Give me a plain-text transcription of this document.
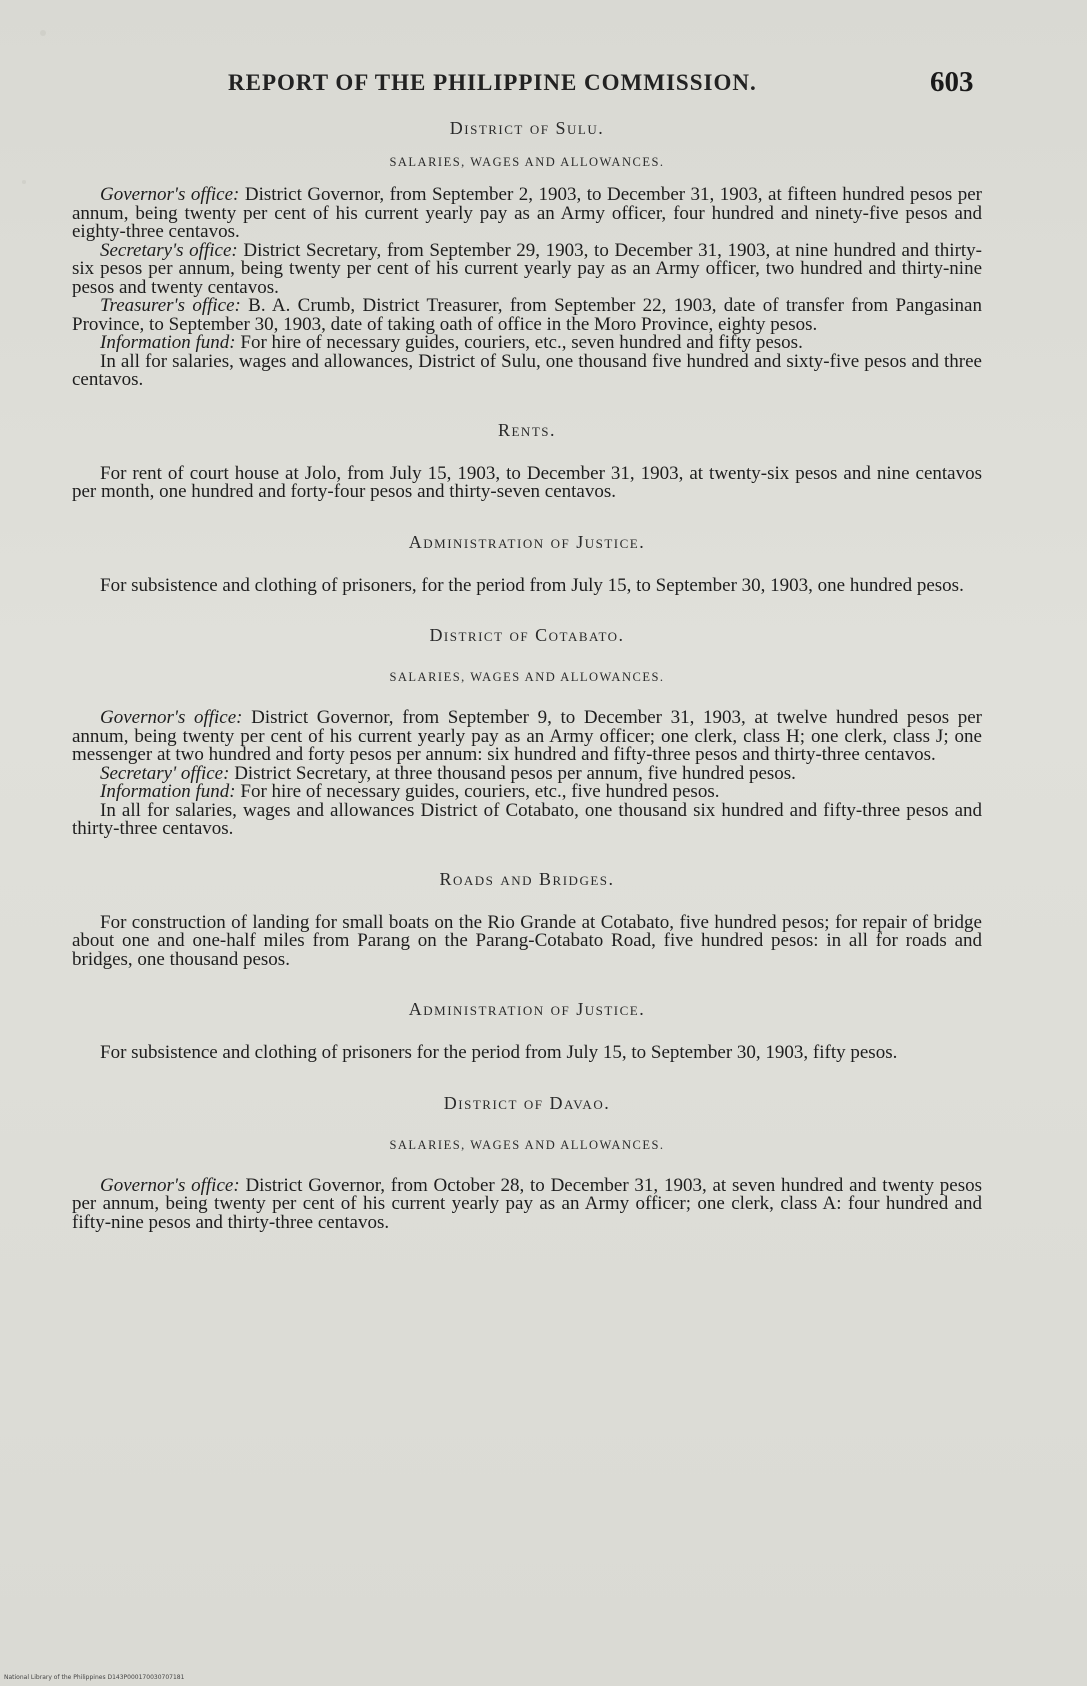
REPORT OF THE PHILIPPINE COMMISSION.	603

District of Sulu.

SALARIES, WAGES AND ALLOWANCES.

Governor's office: District Governor, from September 2, 1903, to December 31, 1903, at fifteen hundred pesos per annum, being twenty per cent of his current yearly pay as an Army officer, four hundred and ninety-five pesos and eighty-three centavos.

Secretary's office: District Secretary, from September 29, 1903, to December 31, 1903, at nine hundred and thirty-six pesos per annum, being twenty per cent of his current yearly pay as an Army officer, two hundred and thirty-nine pesos and twenty centavos.

Treasurer's office: B. A. Crumb, District Treasurer, from September 22, 1903, date of transfer from Pangasinan Province, to September 30, 1903, date of taking oath of office in the Moro Province, eighty pesos.

Information fund: For hire of necessary guides, couriers, etc., seven hundred and fifty pesos.

In all for salaries, wages and allowances, District of Sulu, one thousand five hundred and sixty-five pesos and three centavos.

Rents.

For rent of court house at Jolo, from July 15, 1903, to December 31, 1903, at twenty-six pesos and nine centavos per month, one hundred and forty-four pesos and thirty-seven centavos.

Administration of Justice.

For subsistence and clothing of prisoners, for the period from July 15, to September 30, 1903, one hundred pesos.

District of Cotabato.

SALARIES, WAGES AND ALLOWANCES.

Governor's office: District Governor, from September 9, to December 31, 1903, at twelve hundred pesos per annum, being twenty per cent of his current yearly pay as an Army officer; one clerk, class H; one clerk, class J; one messenger at two hundred and forty pesos per annum: six hundred and fifty-three pesos and thirty-three centavos.

Secretary' office: District Secretary, at three thousand pesos per annum, five hundred pesos.

Information fund: For hire of necessary guides, couriers, etc., five hundred pesos.

In all for salaries, wages and allowances District of Cotabato, one thousand six hundred and fifty-three pesos and thirty-three centavos.

Roads and Bridges.

For construction of landing for small boats on the Rio Grande at Cotabato, five hundred pesos; for repair of bridge about one and one-half miles from Parang on the Parang-Cotabato Road, five hundred pesos: in all for roads and bridges, one thousand pesos.

Administration of Justice.

For subsistence and clothing of prisoners for the period from July 15, to September 30, 1903, fifty pesos.

District of Davao.

SALARIES, WAGES AND ALLOWANCES.

Governor's office: District Governor, from October 28, to December 31, 1903, at seven hundred and twenty pesos per annum, being twenty per cent of his current yearly pay as an Army officer; one clerk, class A: four hundred and fifty-nine pesos and thirty-three centavos.

National Library of the Philippines D143P000170030707181
